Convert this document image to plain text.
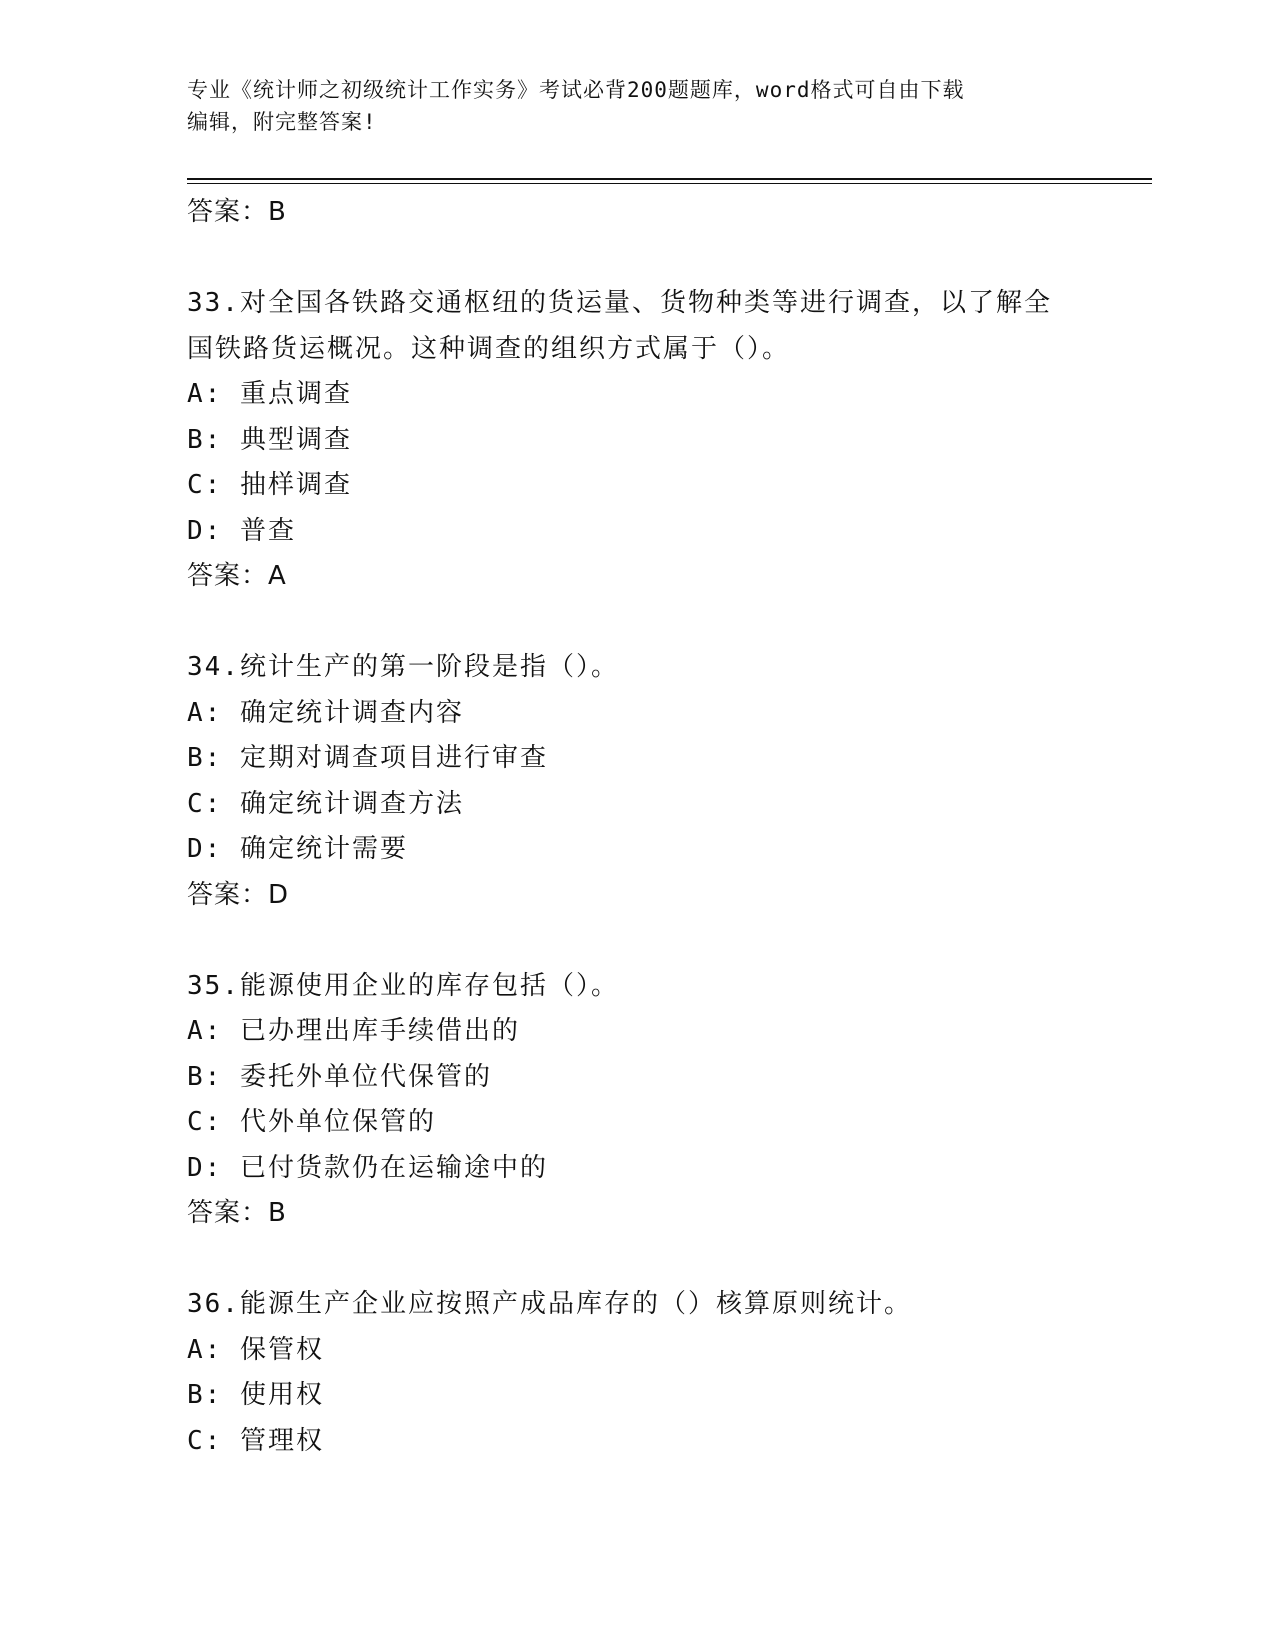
专业《统计师之初级统计工作实务》考试必背200题题库，word格式可自由下载
编辑，附完整答案!
答案：B
33.对全国各铁路交通枢纽的货运量、货物种类等进行调查，以了解全
国铁路货运概况。这种调查的组织方式属于（）。
A: 重点调查
B: 典型调查
C: 抽样调查
D: 普查
答案：A
34.统计生产的第一阶段是指（）。
A: 确定统计调查内容
B: 定期对调查项目进行审查
C: 确定统计调查方法
D: 确定统计需要
答案：D
35.能源使用企业的库存包括（）。
A: 已办理出库手续借出的
B: 委托外单位代保管的
C: 代外单位保管的
D: 已付货款仍在运输途中的
答案：B
36.能源生产企业应按照产成品库存的（）核算原则统计。
A: 保管权
B: 使用权
C: 管理权
